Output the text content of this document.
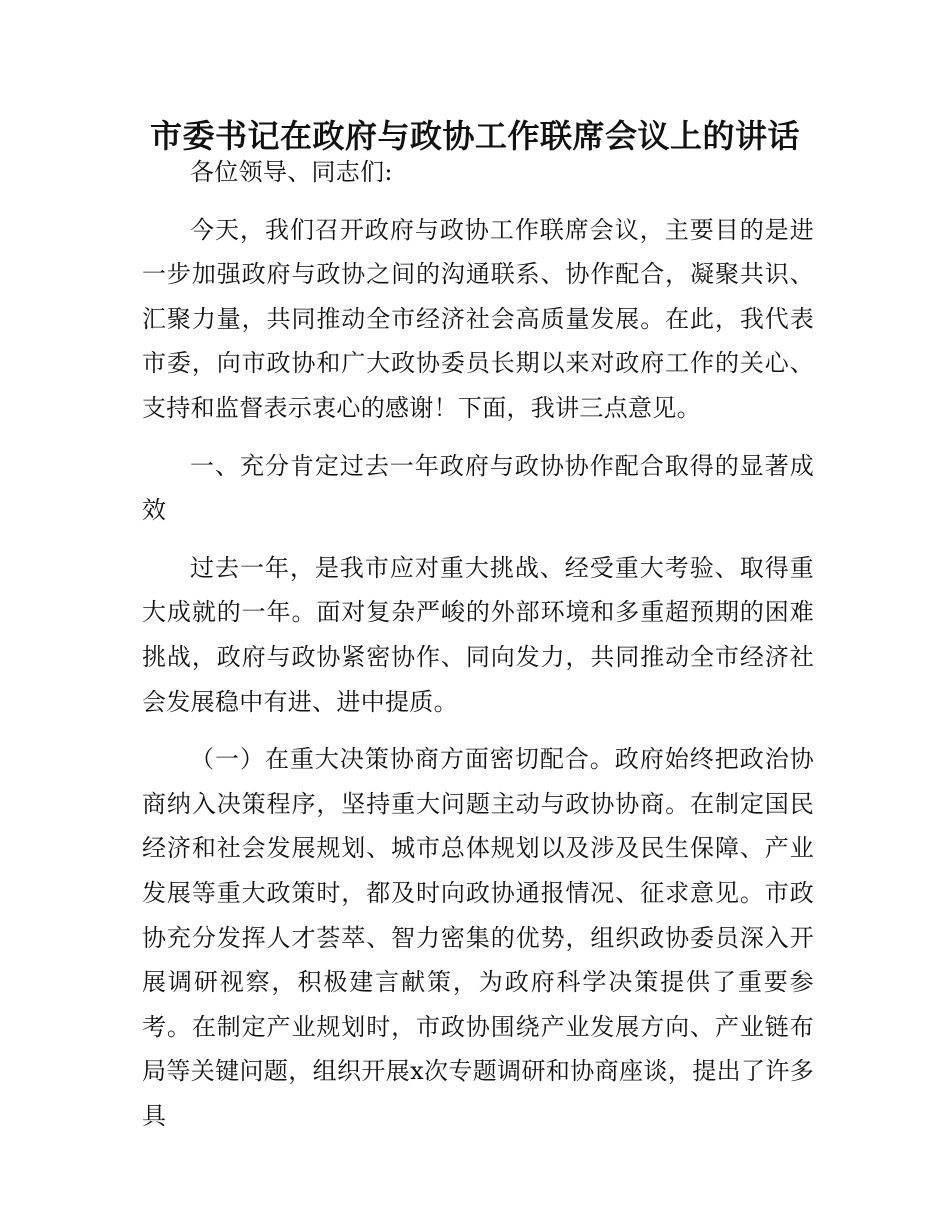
市委书记在政府与政协工作联席会议上的讲话

各位领导、同志们:

今天，我们召开政府与政协工作联席会议，主要目的是进一步加强政府与政协之间的沟通联系、协作配合，凝聚共识、汇聚力量，共同推动全市经济社会高质量发展。在此，我代表市委，向市政协和广大政协委员长期以来对政府工作的关心、支持和监督表示衷心的感谢！下面，我讲三点意见。

一、充分肯定过去一年政府与政协协作配合取得的显著成效

过去一年，是我市应对重大挑战、经受重大考验、取得重大成就的一年。面对复杂严峻的外部环境和多重超预期的困难挑战，政府与政协紧密协作、同向发力，共同推动全市经济社会发展稳中有进、进中提质。

（一）在重大决策协商方面密切配合。政府始终把政治协商纳入决策程序，坚持重大问题主动与政协协商。在制定国民经济和社会发展规划、城市总体规划以及涉及民生保障、产业发展等重大政策时，都及时向政协通报情况、征求意见。市政协充分发挥人才荟萃、智力密集的优势，组织政协委员深入开展调研视察，积极建言献策，为政府科学决策提供了重要参考。在制定产业规划时，市政协围绕产业发展方向、产业链布局等关键问题，组织开展x次专题调研和协商座谈，提出了许多具
